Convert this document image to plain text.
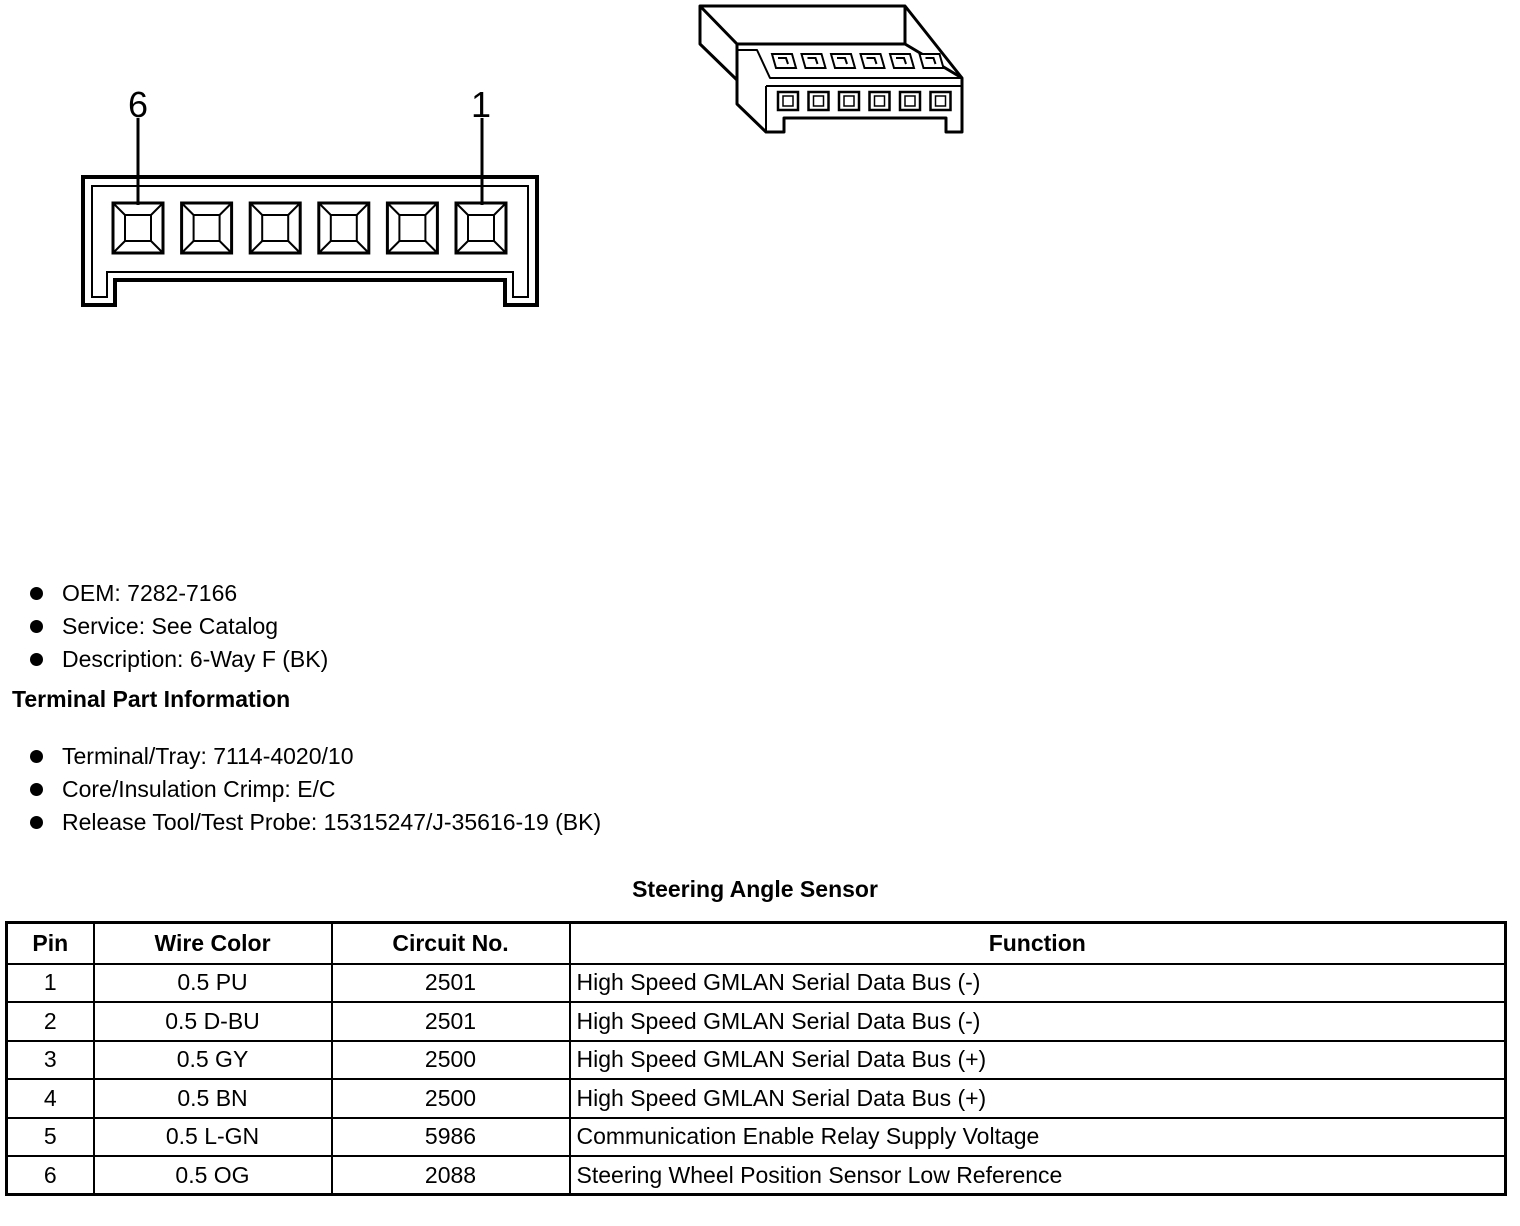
6	1
OEM: 7282-7166
Service: See Catalog
Description: 6-Way F (BK)
Terminal Part Information
Terminal/Tray: 7114-4020/10
Core/Insulation Crimp: E/C
Release Tool/Test Probe: 15315247/J-35616-19 (BK)
Steering Angle Sensor
Pin	Wire Color	Circuit No.	Function
1	0.5 PU	2501	High Speed GMLAN Serial Data Bus (-)
2	0.5 D-BU	2501	High Speed GMLAN Serial Data Bus (-)
3	0.5 GY	2500	High Speed GMLAN Serial Data Bus (+)
4	0.5 BN	2500	High Speed GMLAN Serial Data Bus (+)
5	0.5 L-GN	5986	Communication Enable Relay Supply Voltage
6	0.5 OG	2088	Steering Wheel Position Sensor Low Reference
